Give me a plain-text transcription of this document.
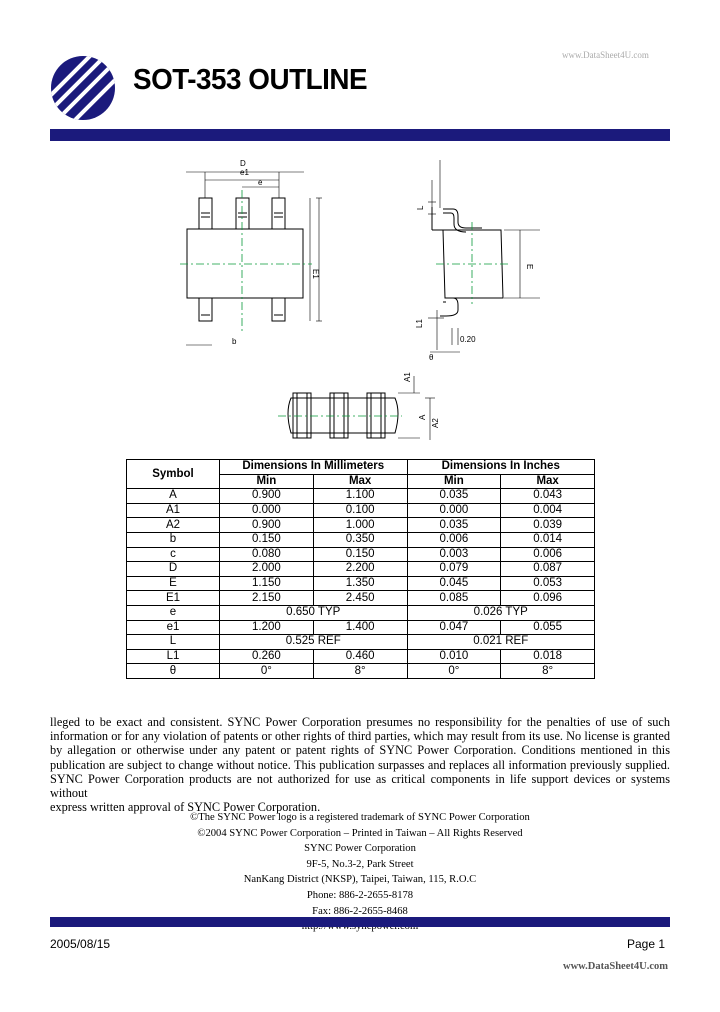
www.DataSheet4U.com
SOT-353 OUTLINE
D
e1
e
E1
b
L
E
L1
0.20
θ
A1
A
A2
Symbol	Dimensions In Millimeters		Dimensions In Inches	
	Min	Max	Min	Max
A	0.900	1.100	0.035	0.043
A1	0.000	0.100	0.000	0.004
A2	0.900	1.000	0.035	0.039
b	0.150	0.350	0.006	0.014
c	0.080	0.150	0.003	0.006
D	2.000	2.200	0.079	0.087
E	1.150	1.350	0.045	0.053
E1	2.150	2.450	0.085	0.096
e	0.650 TYP		0.026 TYP	
e1	1.200	1.400	0.047	0.055
L	0.525 REF		0.021 REF	
L1	0.260	0.460	0.010	0.018
θ	0°	8°	0°	8°
lleged to be exact and consistent. SYNC Power Corporation presumes no responsibility for the penalties of use of such information or for any violation of patents or other rights of third parties, which may result from its use. No license is granted by allegation or otherwise under any patent or patent rights of SYNC Power Corporation. Conditions mentioned in this publication are subject to change without notice. This publication surpasses and replaces all information previously supplied. SYNC Power Corporation products are not authorized for use as critical components in life support devices or systems without
express written approval of SYNC Power Corporation.
©The SYNC Power logo is a registered trademark of SYNC Power Corporation
©2004 SYNC Power Corporation – Printed in Taiwan – All Rights Reserved
SYNC Power Corporation
9F-5, No.3-2, Park Street
NanKang District (NKSP), Taipei, Taiwan, 115, R.O.C
Phone: 886-2-2655-8178
Fax: 886-2-2655-8468
2005/08/15	Page 1
www.DataSheet4U.com
